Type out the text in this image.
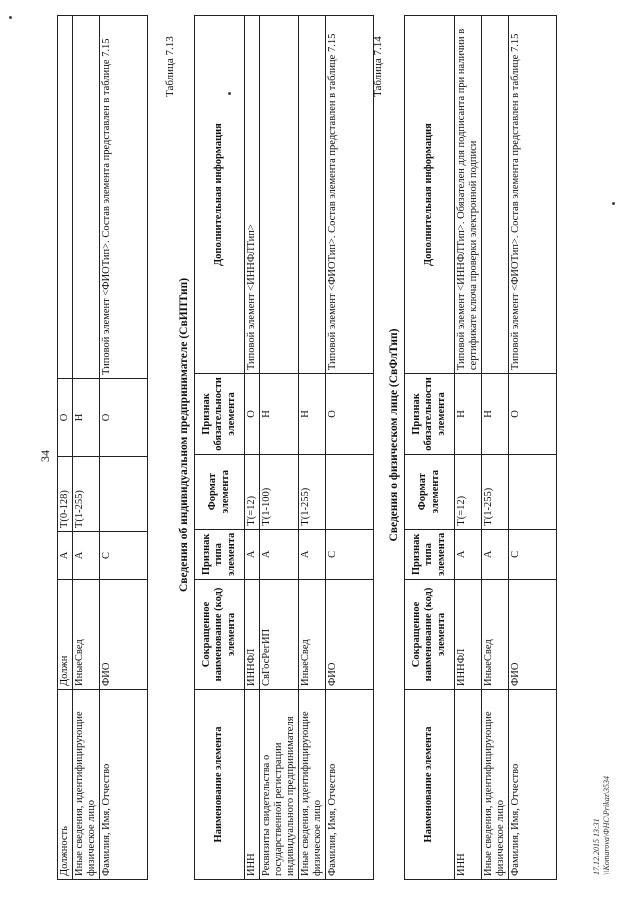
34
Должность	Должн	А	T(0-128)	О	
Иные сведения, идентифицирующие физическое лицо	ИныеСвед	А	T(1-255)	Н	
Фамилия, Имя, Отчество	ФИО	С		О	Типовой элемент <ФИОТип>. Состав элемента представлен в таблице 7.15	Таблица 7.13
Сведения об индивидуальном предпринимателе (СвИПТип)
Наименование элемента	Сокращенное наименование (код) элемента	Признак типа элемента	Формат элемента	Признак обязательности элемента	Дополнительная информация
ИНН	ИННФЛ	А	T(=12)	О	Типовой элемент <ИННФЛТип>
Реквизиты свидетельства о государственной регистрации индивидуального предпринимателя	СвГосРегИП	А	T(1-100)	Н	
Иные сведения, идентифицирующие физическое лицо	ИныеСвед	А	T(1-255)	Н	
Фамилия, Имя, Отчество	ФИО	С		О	Типовой элемент <ФИОТип>. Состав элемента представлен в таблице 7.15	Таблица 7.14
Сведения о физическом лице (СвФлТип)
Наименование элемента	Сокращенное наименование (код) элемента	Признак типа элемента	Формат элемента	Признак обязательности элемента	Дополнительная информация
ИНН	ИННФЛ	А	T(=12)	Н	Типовой элемент <ИННФЛТип>. Обязателен для подписанта при наличии в сертификате ключа проверки электронной подписи
Иные сведения, идентифицирующие физическое лицо	ИныеСвед	А	T(1-255)	Н	
Фамилия, Имя, Отчество	ФИО	С		О	Типовой элемент <ФИОТип>. Состав элемента представлен в таблице 7.15
17.12.2015 13:31 \\Komarova\ФНС\Prikaz\3534
